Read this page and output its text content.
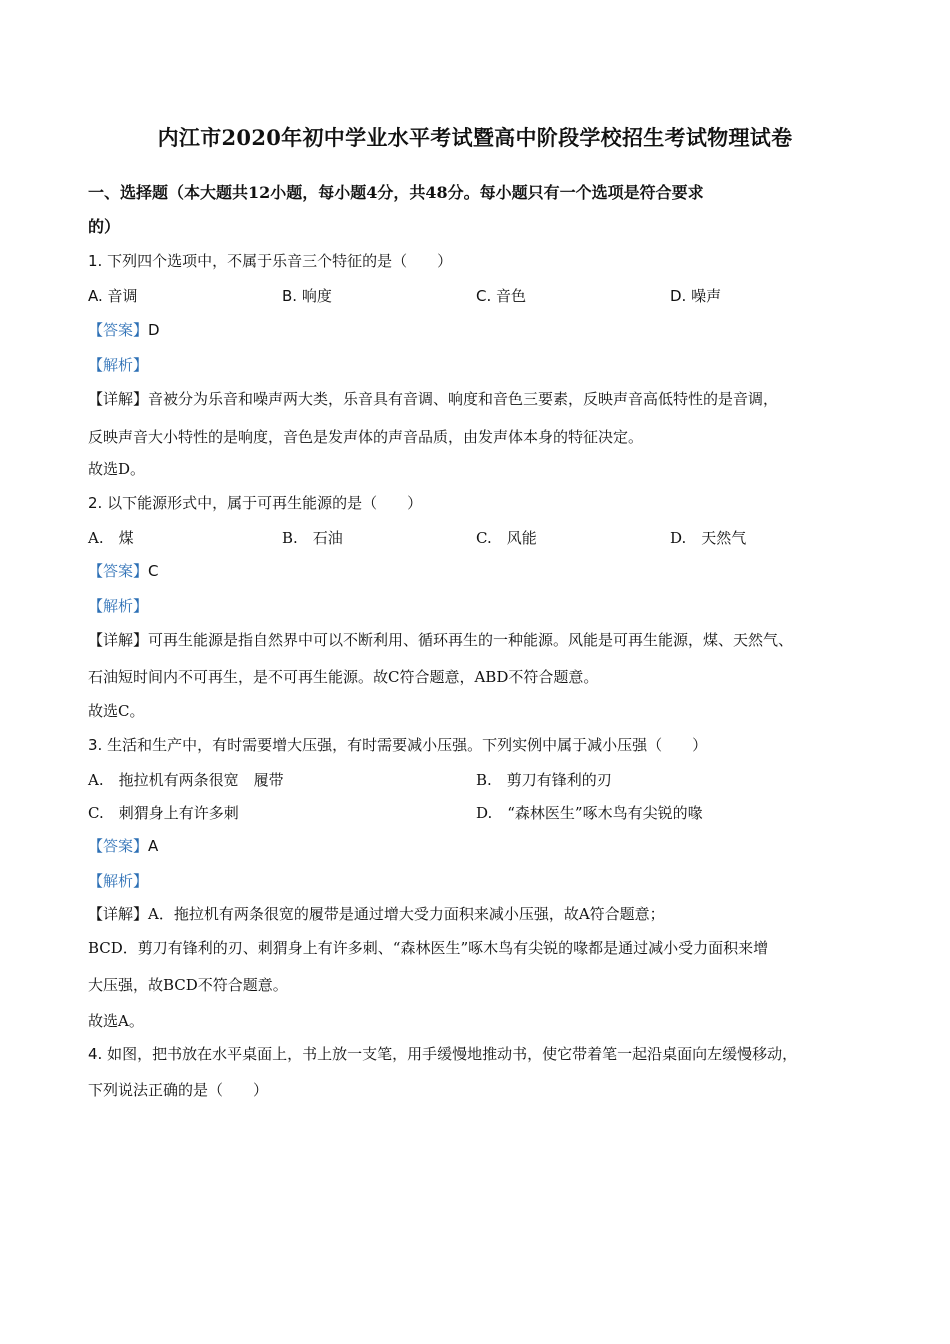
内江市2020年初中学业水平考试暨高中阶段学校招生考试物理试卷
一、选择题（本大题共12小题，每小题4分，共48分。每小题只有一个选项是符合要求
的）
1. 下列四个选项中，不属于乐音三个特征的是（　　）
A. 音调	B. 响度	C. 音色	D. 噪声
【答案】D
【解析】
【详解】音被分为乐音和噪声两大类，乐音具有音调、响度和音色三要素，反映声音高低特性的是音调，
反映声音大小特性的是响度，音色是发声体的声音品质，由发声体本身的特征决定。
故选D。
2. 以下能源形式中，属于可再生能源的是（　　）
A.　煤	B.　石油	C.　风能	D.　天然气
【答案】C
【解析】
【详解】可再生能源是指自然界中可以不断利用、循环再生的一种能源。风能是可再生能源，煤、天然气、
石油短时间内不可再生，是不可再生能源。故C符合题意，ABD不符合题意。
故选C。
3. 生活和生产中，有时需要增大压强，有时需要减小压强。下列实例中属于减小压强（　　）
A.　拖拉机有两条很宽　履带	B.　剪刀有锋利的刃
C.　刺猬身上有许多刺	D.　“森林医生”啄木鸟有尖锐的喙
【答案】A
【解析】
【详解】A．拖拉机有两条很宽的履带是通过增大受力面积来减小压强，故A符合题意；
BCD．剪刀有锋利的刃、刺猬身上有许多刺、“森林医生”啄木鸟有尖锐的喙都是通过减小受力面积来增
大压强，故BCD不符合题意。
故选A。
4. 如图，把书放在水平桌面上，书上放一支笔，用手缓慢地推动书，使它带着笔一起沿桌面向左缓慢移动，
下列说法正确的是（　　）
